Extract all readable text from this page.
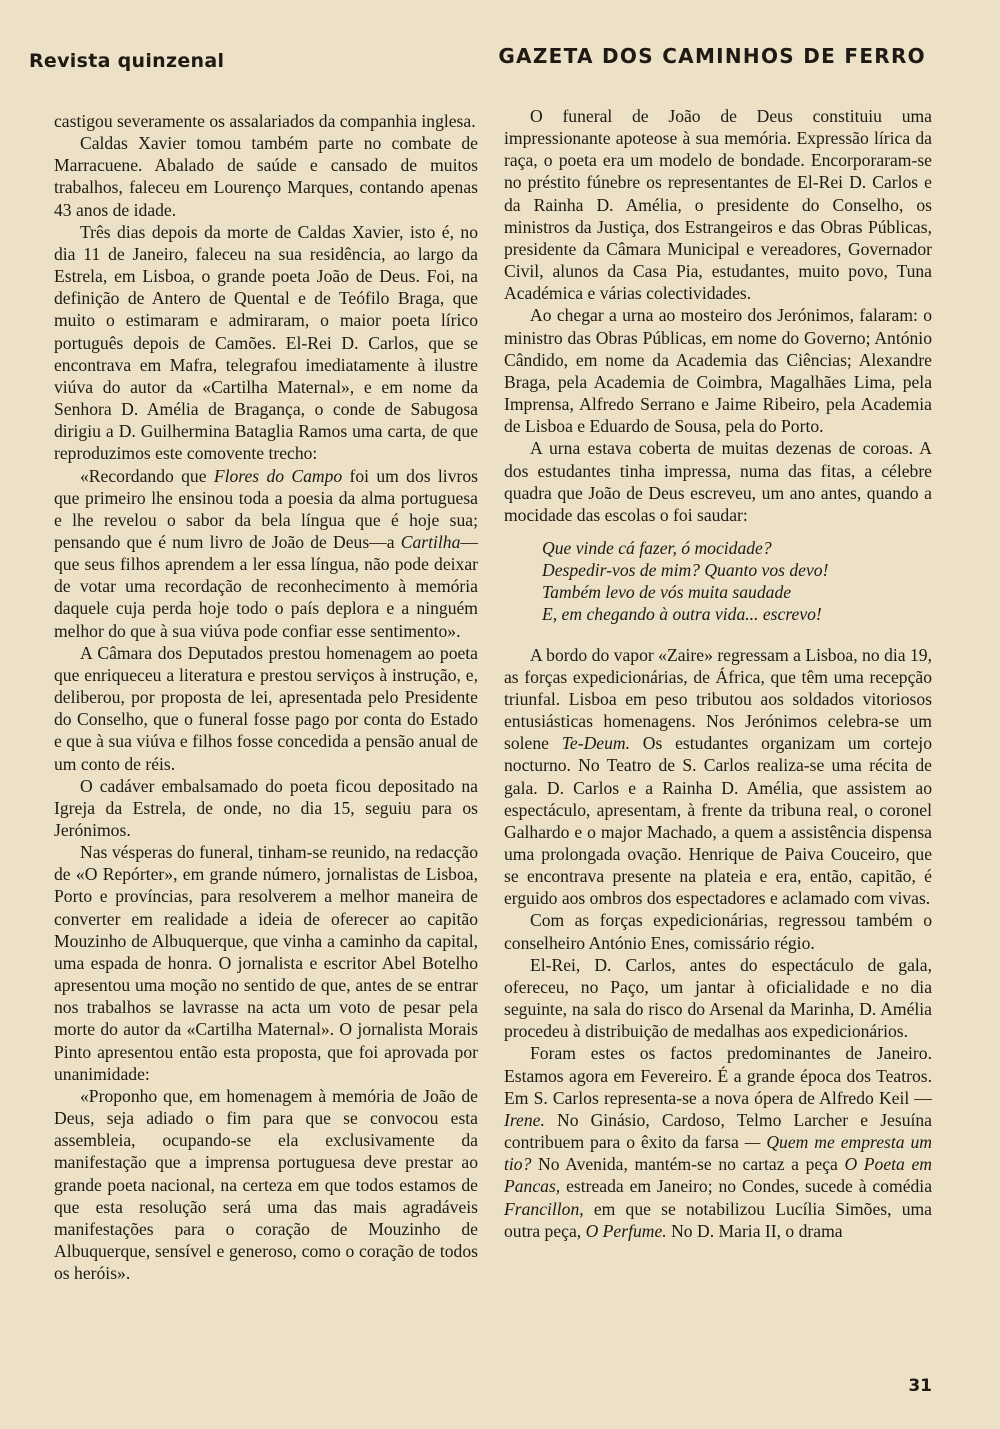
Revista quinzenal	GAZETA DOS CAMINHOS DE FERRO

castigou severamente os assalariados da companhia inglesa.

Caldas Xavier tomou também parte no combate de Marracuene. Abalado de saúde e cansado de muitos trabalhos, faleceu em Lourenço Marques, contando apenas 43 anos de idade.

Três dias depois da morte de Caldas Xavier, isto é, no dia 11 de Janeiro, faleceu na sua residência, ao largo da Estrela, em Lisboa, o grande poeta João de Deus. Foi, na definição de Antero de Quental e de Teófilo Braga, que muito o estimaram e admiraram, o maior poeta lírico português depois de Camões. El-Rei D. Carlos, que se encontrava em Mafra, telegrafou imediatamente à ilustre viúva do autor da «Cartilha Maternal», e em nome da Senhora D. Amélia de Bragança, o conde de Sabugosa dirigiu a D. Guilhermina Bataglia Ramos uma carta, de que reproduzimos este comovente trecho:

«Recordando que Flores do Campo foi um dos livros que primeiro lhe ensinou toda a poesia da alma portuguesa e lhe revelou o sabor da bela língua que é hoje sua; pensando que é num livro de João de Deus—a Cartilha—que seus filhos aprendem a ler essa língua, não pode deixar de votar uma recordação de reconhecimento à memória daquele cuja perda hoje todo o país deplora e a ninguém melhor do que à sua viúva pode confiar esse sentimento».

A Câmara dos Deputados prestou homenagem ao poeta que enriqueceu a literatura e prestou serviços à instrução, e, deliberou, por proposta de lei, apresentada pelo Presidente do Conselho, que o funeral fosse pago por conta do Estado e que à sua viúva e filhos fosse concedida a pensão anual de um conto de réis.

O cadáver embalsamado do poeta ficou depositado na Igreja da Estrela, de onde, no dia 15, seguiu para os Jerónimos.

Nas vésperas do funeral, tinham-se reunido, na redacção de «O Repórter», em grande número, jornalistas de Lisboa, Porto e províncias, para resolverem a melhor maneira de converter em realidade a ideia de oferecer ao capitão Mouzinho de Albuquerque, que vinha a caminho da capital, uma espada de honra. O jornalista e escritor Abel Botelho apresentou uma moção no sentido de que, antes de se entrar nos trabalhos se lavrasse na acta um voto de pesar pela morte do autor da «Cartilha Maternal». O jornalista Morais Pinto apresentou então esta proposta, que foi aprovada por unanimidade:

«Proponho que, em homenagem à memória de João de Deus, seja adiado o fim para que se convocou esta assembleia, ocupando-se ela exclusivamente da manifestação que a imprensa portuguesa deve prestar ao grande poeta nacional, na certeza em que todos estamos de que esta resolução será uma das mais agradáveis manifestações para o coração de Mouzinho de Albuquerque, sensível e generoso, como o coração de todos os heróis».

O funeral de João de Deus constituiu uma impressionante apoteose à sua memória. Expressão lírica da raça, o poeta era um modelo de bondade. Encorporaram-se no préstito fúnebre os representantes de El-Rei D. Carlos e da Rainha D. Amélia, o presidente do Conselho, os ministros da Justiça, dos Estrangeiros e das Obras Públicas, presidente da Câmara Municipal e vereadores, Governador Civil, alunos da Casa Pia, estudantes, muito povo, Tuna Académica e várias colectividades.

Ao chegar a urna ao mosteiro dos Jerónimos, falaram: o ministro das Obras Públicas, em nome do Governo; António Cândido, em nome da Academia das Ciências; Alexandre Braga, pela Academia de Coimbra, Magalhães Lima, pela Imprensa, Alfredo Serrano e Jaime Ribeiro, pela Academia de Lisboa e Eduardo de Sousa, pela do Porto.

A urna estava coberta de muitas dezenas de coroas. A dos estudantes tinha impressa, numa das fitas, a célebre quadra que João de Deus escreveu, um ano antes, quando a mocidade das escolas o foi saudar:

Que vinde cá fazer, ó mocidade?
Despedir-vos de mim? Quanto vos devo!
Também levo de vós muita saudade
E, em chegando à outra vida... escrevo!

A bordo do vapor «Zaire» regressam a Lisboa, no dia 19, as forças expedicionárias, de África, que têm uma recepção triunfal. Lisboa em peso tributou aos soldados vitoriosos entusiásticas homenagens. Nos Jerónimos celebra-se um solene Te-Deum. Os estudantes organizam um cortejo nocturno. No Teatro de S. Carlos realiza-se uma récita de gala. D. Carlos e a Rainha D. Amélia, que assistem ao espectáculo, apresentam, à frente da tribuna real, o coronel Galhardo e o major Machado, a quem a assistência dispensa uma prolongada ovação. Henrique de Paiva Couceiro, que se encontrava presente na plateia e era, então, capitão, é erguido aos ombros dos espectadores e aclamado com vivas.

Com as forças expedicionárias, regressou também o conselheiro António Enes, comissário régio.

El-Rei, D. Carlos, antes do espectáculo de gala, ofereceu, no Paço, um jantar à oficialidade e no dia seguinte, na sala do risco do Arsenal da Marinha, D. Amélia procedeu à distribuição de medalhas aos expedicionários.

Foram estes os factos predominantes de Janeiro. Estamos agora em Fevereiro. É a grande época dos Teatros. Em S. Carlos representa-se a nova ópera de Alfredo Keil — Irene. No Ginásio, Cardoso, Telmo Larcher e Jesuína contribuem para o êxito da farsa — Quem me empresta um tio? No Avenida, mantém-se no cartaz a peça O Poeta em Pancas, estreada em Janeiro; no Condes, sucede à comédia Francillon, em que se notabilizou Lucília Simões, uma outra peça, O Perfume. No D. Maria II, o drama

31
